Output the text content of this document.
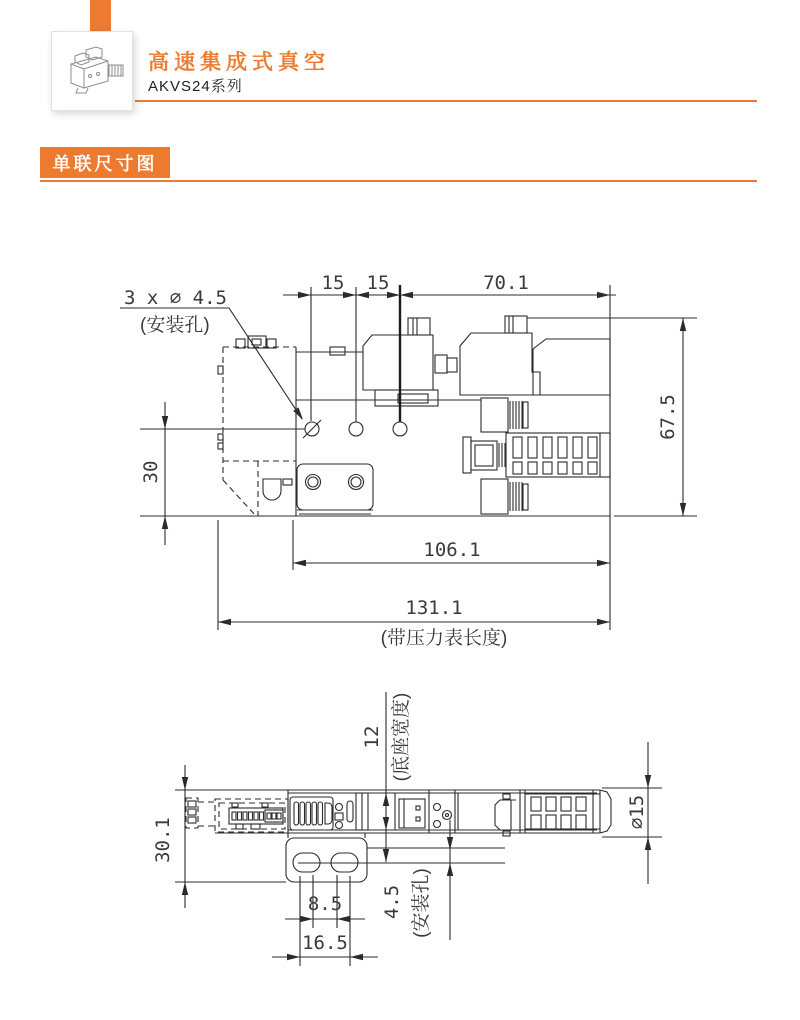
高速集成式真空
AKVS24系列
单联尺寸图
3 x ⌀ 4.5
(安装孔)
15 15	70.1
67.5
30
106.1
131.1
(带压力表长度)
30.1
12 (底座宽度)
4.5 (安装孔)
8.5
16.5
⌀15
